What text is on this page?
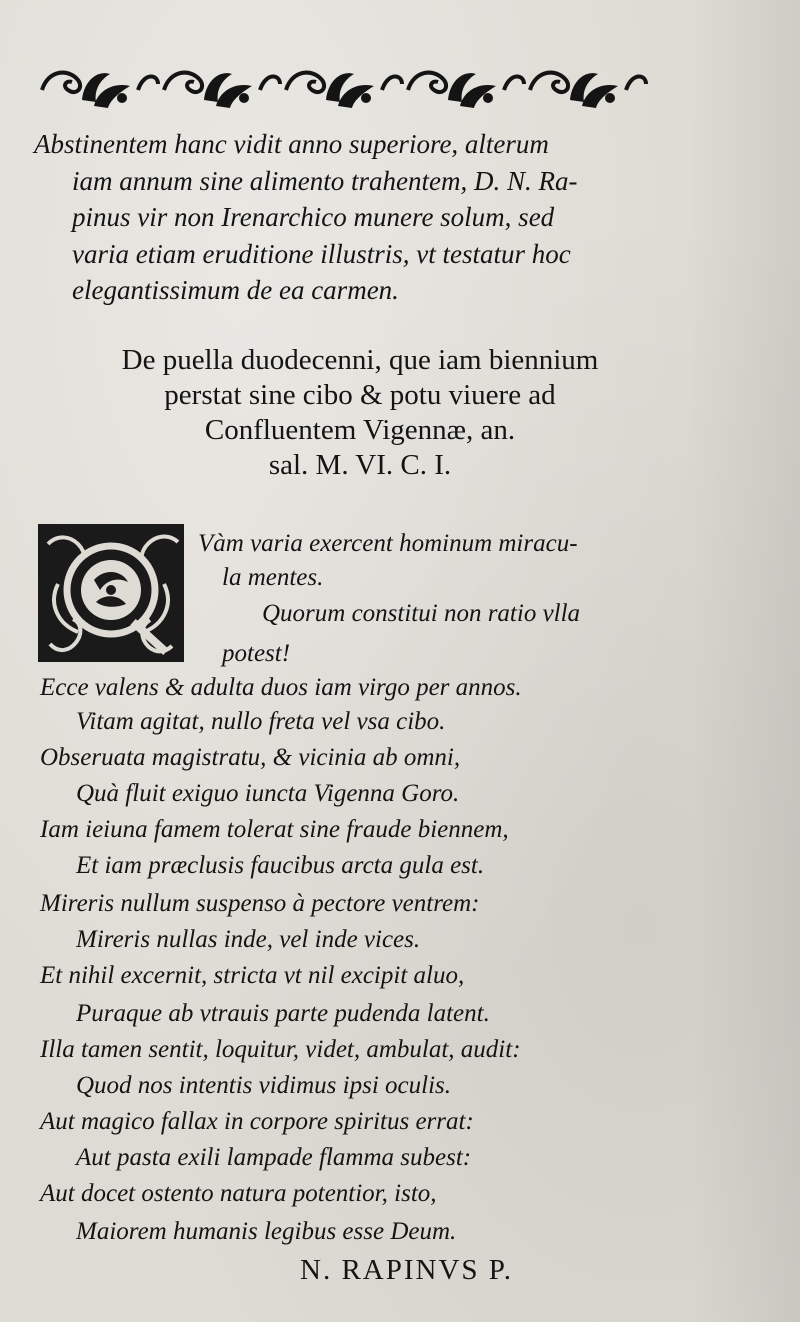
Abstinentem hanc vidit anno superiore, alterum
iam annum sine alimento trahentem, D. N. Ra-
pinus vir non Irenarchico munere solum, sed
varia etiam eruditione illustris, vt testatur hoc
elegantissimum de ea carmen.
De puella duodecenni, que iam biennium
perstat sine cibo & potu viuere ad
Confluentem Vigennæ, an.
sal. M. VI. C. I.
Vàm varia exercent hominum miracu-
la mentes.
Quorum constitui non ratio vlla
potest!
Ecce valens & adulta duos iam virgo per annos.
Vitam agitat, nullo freta vel vsa cibo.
Obseruata magistratu, & vicinia ab omni,
Quà fluit exiguo iuncta Vigenna Goro.
Iam ieiuna famem tolerat sine fraude biennem,
Et iam præclusis faucibus arcta gula est.
Mireris nullum suspenso à pectore ventrem:
Mireris nullas inde, vel inde vices.
Et nihil excernit, stricta vt nil excipit aluo,
Puraque ab vtrauis parte pudenda latent.
Illa tamen sentit, loquitur, videt, ambulat, audit:
Quod nos intentis vidimus ipsi oculis.
Aut magico fallax in corpore spiritus errat:
Aut pasta exili lampade flamma subest:
Aut docet ostento natura potentior, isto,
Maiorem humanis legibus esse Deum.
N. RAPINVS P.
